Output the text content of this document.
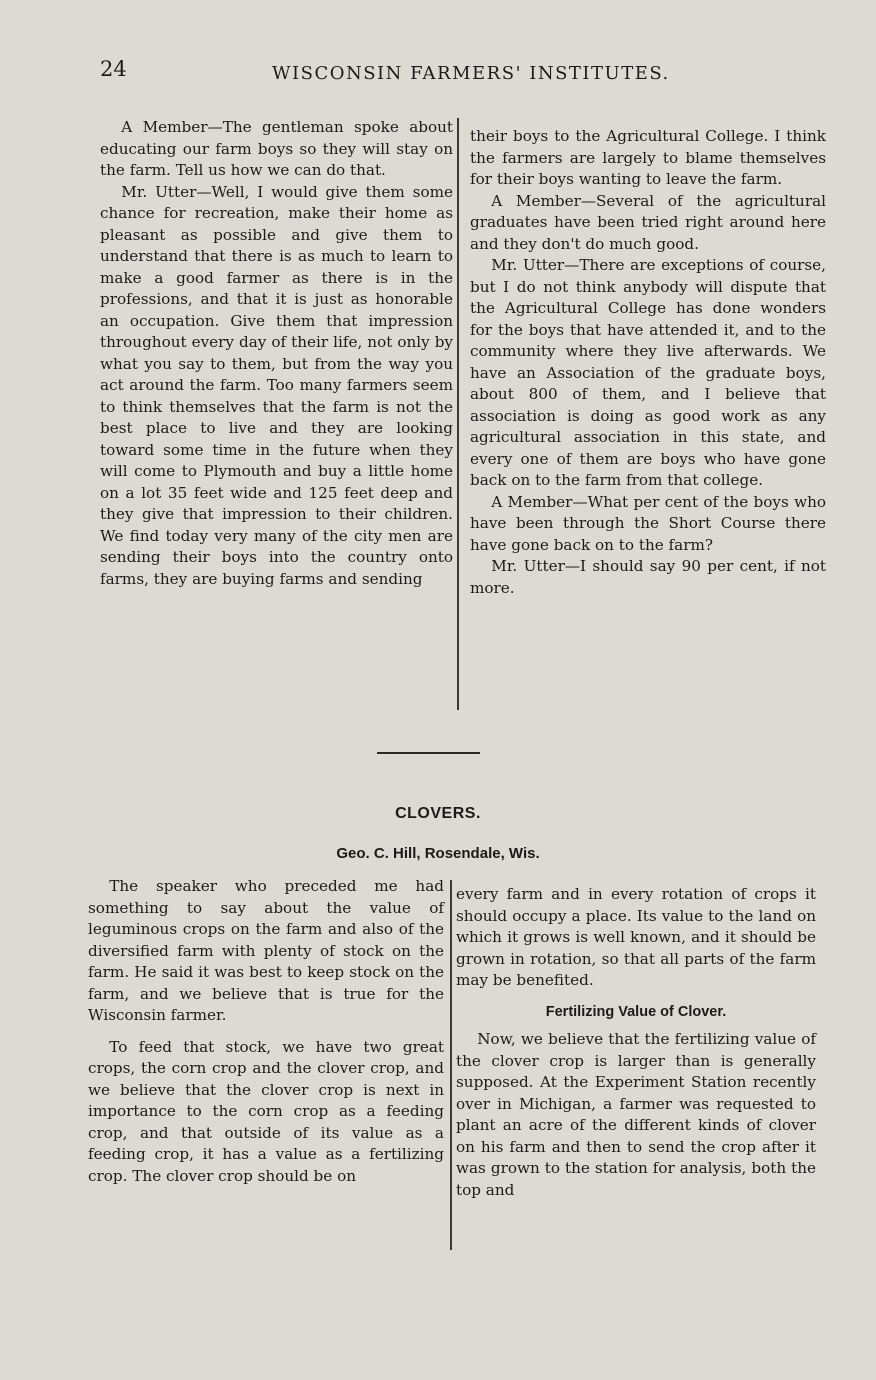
24	WISCONSIN FARMERS' INSTITUTES.

A Member—The gentleman spoke about educating our farm boys so they will stay on the farm. Tell us how we can do that.

Mr. Utter—Well, I would give them some chance for recreation, make their home as pleasant as possible and give them to understand that there is as much to learn to make a good farmer as there is in the professions, and that it is just as honorable an occupation. Give them that impression throughout every day of their life, not only by what you say to them, but from the way you act around the farm. Too many farmers seem to think themselves that the farm is not the best place to live and they are looking toward some time in the future when they will come to Plymouth and buy a little home on a lot 35 feet wide and 125 feet deep and they give that impression to their children. We find today very many of the city men are sending their boys into the country onto farms, they are buying farms and sending

their boys to the Agricultural College. I think the farmers are largely to blame themselves for their boys wanting to leave the farm.

A Member—Several of the agricultural graduates have been tried right around here and they don't do much good.

Mr. Utter—There are exceptions of course, but I do not think anybody will dispute that the Agricultural College has done wonders for the boys that have attended it, and to the community where they live afterwards. We have an Association of the graduate boys, about 800 of them, and I believe that association is doing as good work as any agricultural association in this state, and every one of them are boys who have gone back on to the farm from that college.

A Member—What per cent of the boys who have been through the Short Course there have gone back on to the farm?

Mr. Utter—I should say 90 per cent, if not more.

CLOVERS.
Geo. C. Hill, Rosendale, Wis.

The speaker who preceded me had something to say about the value of leguminous crops on the farm and also of the diversified farm with plenty of stock on the farm. He said it was best to keep stock on the farm, and we believe that is true for the Wisconsin farmer.

To feed that stock, we have two great crops, the corn crop and the clover crop, and we believe that the clover crop is next in importance to the corn crop as a feeding crop, and that outside of its value as a feeding crop, it has a value as a fertilizing crop. The clover crop should be on

every farm and in every rotation of crops it should occupy a place. Its value to the land on which it grows is well known, and it should be grown in rotation, so that all parts of the farm may be benefited.

Fertilizing Value of Clover.

Now, we believe that the fertilizing value of the clover crop is larger than is generally supposed. At the Experiment Station recently over in Michigan, a farmer was requested to plant an acre of the different kinds of clover on his farm and then to send the crop after it was grown to the station for analysis, both the top and
